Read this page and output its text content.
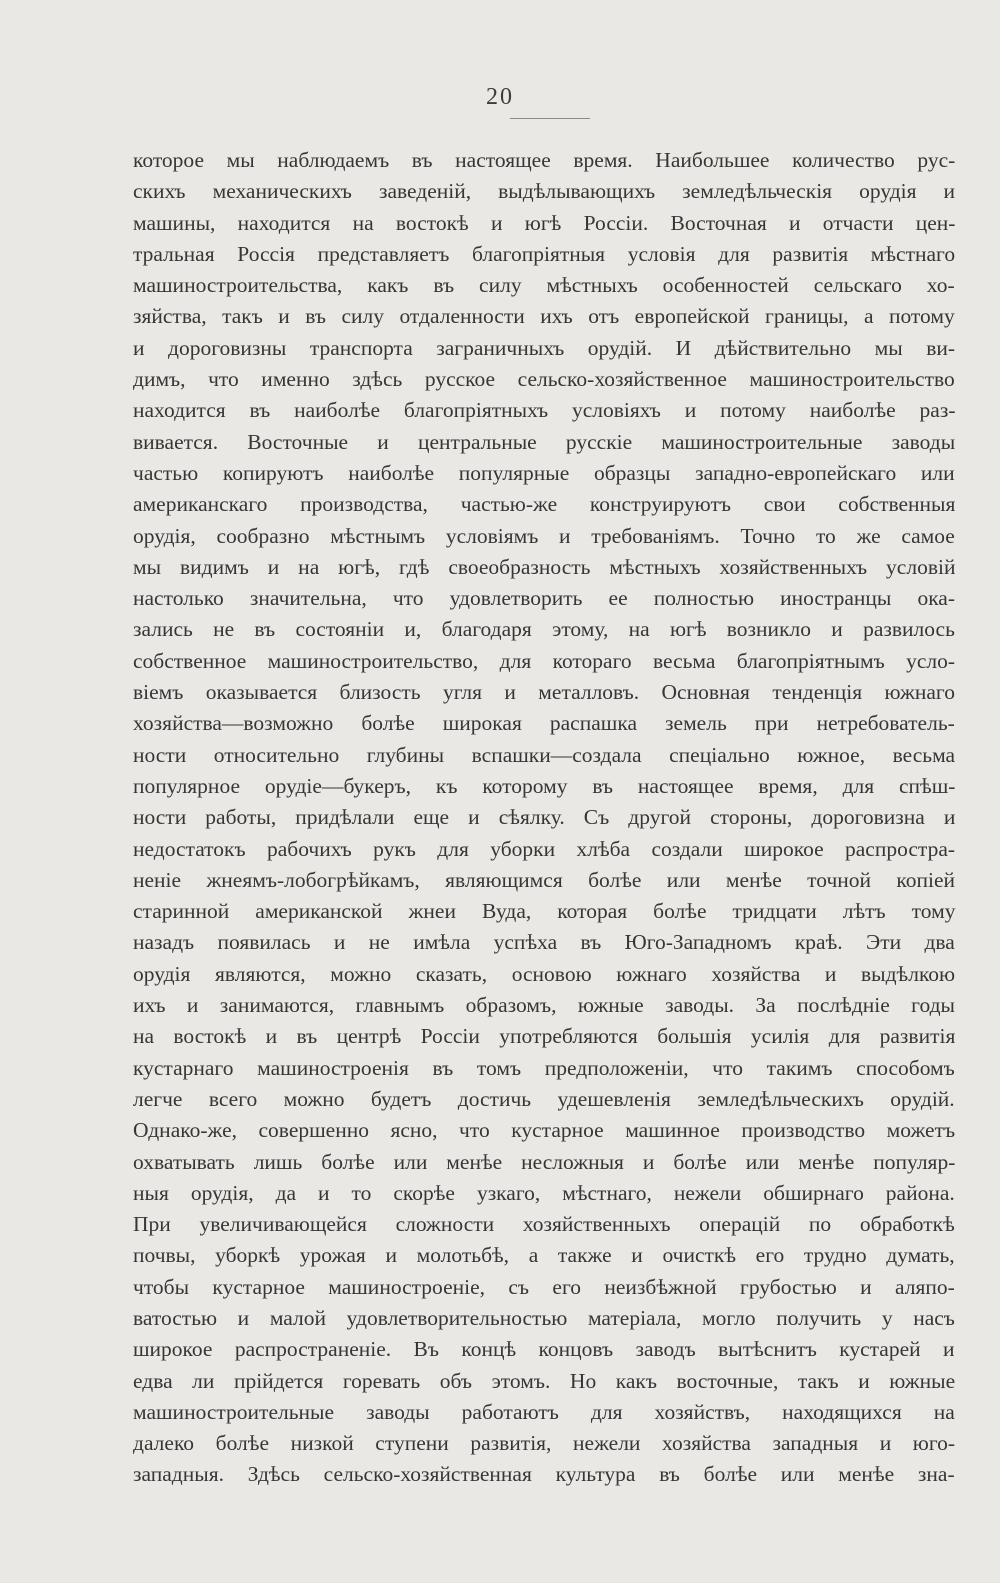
20
которое мы наблюдаемъ въ настоящее время. Наибольшее количество рус-
скихъ механическихъ заведеній, выдѣлывающихъ земледѣльческія орудія и
машины, находится на востокѣ и югѣ Россіи. Восточная и отчасти цен-
тральная Россія представляетъ благопріятныя условія для развитія мѣстнаго
машиностроительства, какъ въ силу мѣстныхъ особенностей сельскаго хо-
зяйства, такъ и въ силу отдаленности ихъ отъ европейской границы, а потому
и дороговизны транспорта заграничныхъ орудій. И дѣйствительно мы ви-
димъ, что именно здѣсь русское сельско-хозяйственное машиностроительство
находится въ наиболѣе благопріятныхъ условіяхъ и потому наиболѣе раз-
вивается. Восточные и центральные русскіе машиностроительные заводы
частью копируютъ наиболѣе популярные образцы западно-европейскаго или
американскаго производства, частью-же конструируютъ свои собственныя
орудія, сообразно мѣстнымъ условіямъ и требованіямъ. Точно то же самое
мы видимъ и на югѣ, гдѣ своеобразность мѣстныхъ хозяйственныхъ условій
настолько значительна, что удовлетворить ее полностью иностранцы ока-
зались не въ состояніи и, благодаря этому, на югѣ возникло и развилось
собственное машиностроительство, для котораго весьма благопріятнымъ усло-
віемъ оказывается близость угля и металловъ. Основная тенденція южнаго
хозяйства—возможно болѣе широкая распашка земель при нетребователь-
ности относительно глубины вспашки—создала спеціально южное, весьма
популярное орудіе—букеръ, къ которому въ настоящее время, для спѣш-
ности работы, придѣлали еще и сѣялку. Съ другой стороны, дороговизна и
недостатокъ рабочихъ рукъ для уборки хлѣба создали широкое распростра-
неніе жнеямъ-лобогрѣйкамъ, являющимся болѣе или менѣе точной копіей
старинной американской жнеи Вуда, которая болѣе тридцати лѣтъ тому
назадъ появилась и не имѣла успѣха въ Юго-Западномъ краѣ. Эти два
орудія являются, можно сказать, основою южнаго хозяйства и выдѣлкою
ихъ и занимаются, главнымъ образомъ, южные заводы. За послѣдніе годы
на востокѣ и въ центрѣ Россіи употребляются большія усилія для развитія
кустарнаго машиностроенія въ томъ предположеніи, что такимъ способомъ
легче всего можно будетъ достичь удешевленія земледѣльческихъ орудій.
Однако-же, совершенно ясно, что кустарное машинное производство можетъ
охватывать лишь болѣе или менѣе несложныя и болѣе или менѣе популяр-
ныя орудія, да и то скорѣе узкаго, мѣстнаго, нежели обширнаго района.
При увеличивающейся сложности хозяйственныхъ операцій по обработкѣ
почвы, уборкѣ урожая и молотьбѣ, а также и очисткѣ его трудно думать,
чтобы кустарное машиностроеніе, съ его неизбѣжной грубостью и аляпо-
ватостью и малой удовлетворительностью матеріала, могло получить у насъ
широкое распространеніе. Въ концѣ концовъ заводъ вытѣснитъ кустарей и
едва ли прійдется горевать объ этомъ. Но какъ восточные, такъ и южные
машиностроительные заводы работаютъ для хозяйствъ, находящихся на
далеко болѣе низкой ступени развитія, нежели хозяйства западныя и юго-
западныя. Здѣсь сельско-хозяйственная культура въ болѣе или менѣе зна-
